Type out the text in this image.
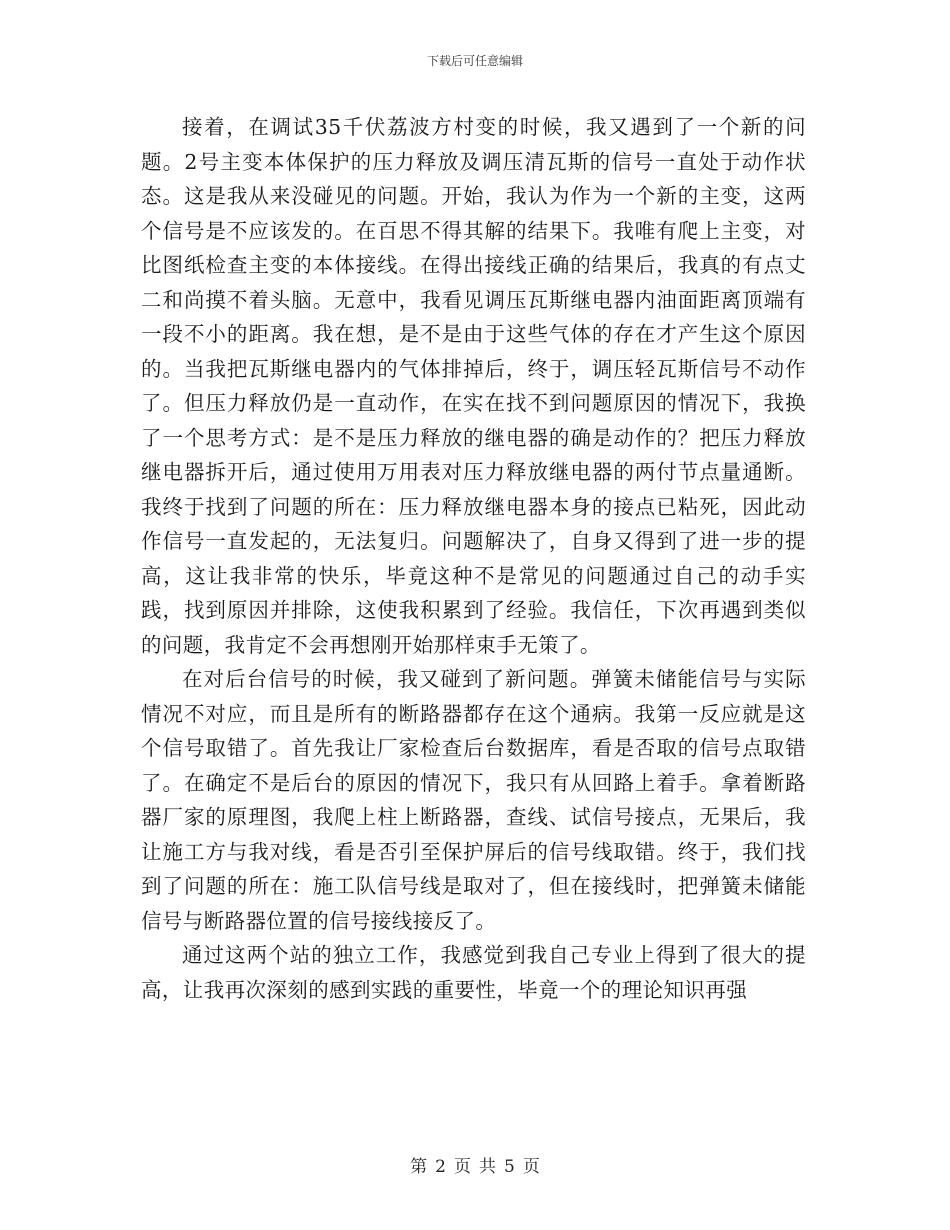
下载后可任意编辑

接着，在调试35千伏荔波方村变的时候，我又遇到了一个新的问题。2号主变本体保护的压力释放及调压清瓦斯的信号一直处于动作状态。这是我从来没碰见的问题。开始，我认为作为一个新的主变，这两个信号是不应该发的。在百思不得其解的结果下。我唯有爬上主变，对比图纸检查主变的本体接线。在得出接线正确的结果后，我真的有点丈二和尚摸不着头脑。无意中，我看见调压瓦斯继电器内油面距离顶端有一段不小的距离。我在想，是不是由于这些气体的存在才产生这个原因的。当我把瓦斯继电器内的气体排掉后，终于，调压轻瓦斯信号不动作了。但压力释放仍是一直动作，在实在找不到问题原因的情况下，我换了一个思考方式：是不是压力释放的继电器的确是动作的？把压力释放继电器拆开后，通过使用万用表对压力释放继电器的两付节点量通断。我终于找到了问题的所在：压力释放继电器本身的接点已粘死，因此动作信号一直发起的，无法复归。问题解决了，自身又得到了进一步的提高，这让我非常的快乐，毕竟这种不是常见的问题通过自己的动手实践，找到原因并排除，这使我积累到了经验。我信任，下次再遇到类似的问题，我肯定不会再想刚开始那样束手无策了。

在对后台信号的时候，我又碰到了新问题。弹簧未储能信号与实际情况不对应，而且是所有的断路器都存在这个通病。我第一反应就是这个信号取错了。首先我让厂家检查后台数据库，看是否取的信号点取错了。在确定不是后台的原因的情况下，我只有从回路上着手。拿着断路器厂家的原理图，我爬上柱上断路器，查线、试信号接点，无果后，我让施工方与我对线，看是否引至保护屏后的信号线取错。终于，我们找到了问题的所在：施工队信号线是取对了，但在接线时，把弹簧未储能信号与断路器位置的信号接线接反了。

通过这两个站的独立工作，我感觉到我自己专业上得到了很大的提高，让我再次深刻的感到实践的重要性，毕竟一个的理论知识再强

第 2 页 共 5 页
